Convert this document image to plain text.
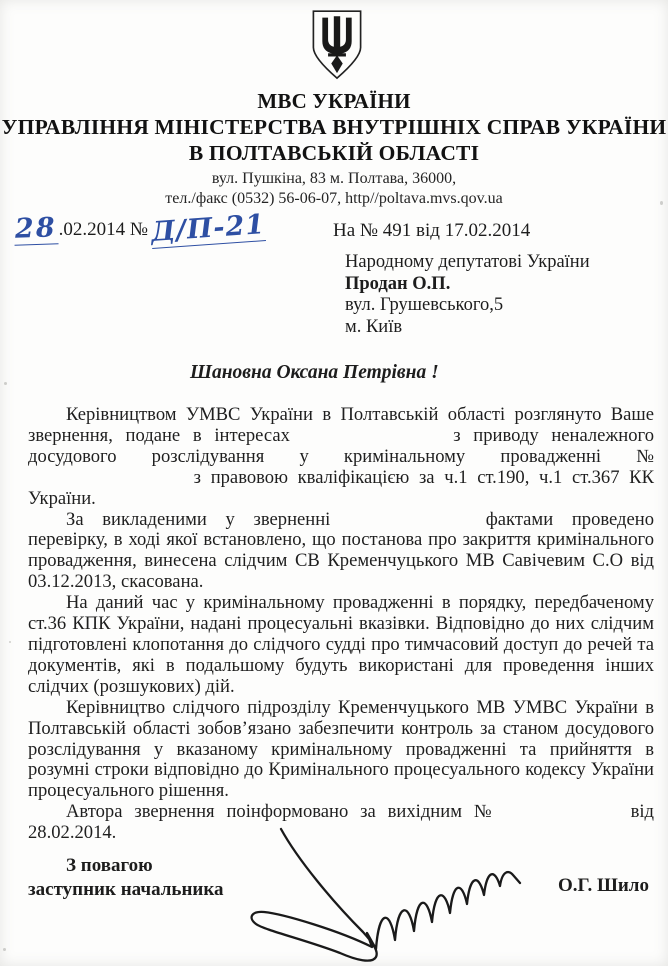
МВС УКРАЇНИ
УПРАВЛІННЯ МІНІСТЕРСТВА ВНУТРІШНІХ СПРАВ УКРАЇНИ
В ПОЛТАВСЬКІЙ ОБЛАСТІ
вул. Пушкіна, 83 м. Полтава, 36000,
тел./факс (0532) 56-06-07, http//poltava.mvs.qov.ua
28.02.2014 №Д/П-21	На № 491 від 17.02.2014
Народному депутатові України
Продан О.П.
вул. Грушевського,5
м. Київ
Шановна Оксана Петрівна !

Керівництвом УМВС України в Полтавській області розглянуто Ваше звернення, подане в інтересах	з приводу неналежного досудового розслідування у кримінальному провадженні №  з правовою кваліфікацією за ч.1 ст.190, ч.1 ст.367 КК України.

За викладеними у зверненні	фактами проведено перевірку, в ході якої встановлено, що постанова про закриття кримінального провадження, винесена слідчим СВ Кременчуцького МВ Савічевим С.О від 03.12.2013, скасована.

На даний час у кримінальному провадженні в порядку, передбаченому ст.36 КПК України, надані процесуальні вказівки. Відповідно до них слідчим підготовлені клопотання до слідчого судді про тимчасовий доступ до речей та документів, які в подальшому будуть використані для проведення інших слідчих (розшукових) дій.

Керівництво слідчого підрозділу Кременчуцького МВ УМВС України в Полтавській області зобов’язано забезпечити контроль за станом досудового розслідування у вказаному кримінальному провадженні та прийняття в розумні строки відповідно до Кримінального процесуального кодексу України процесуального рішення.

Автора звернення поінформовано за вихідним №	від 28.02.2014.

З повагою
заступник начальника	О.Г. Шило
